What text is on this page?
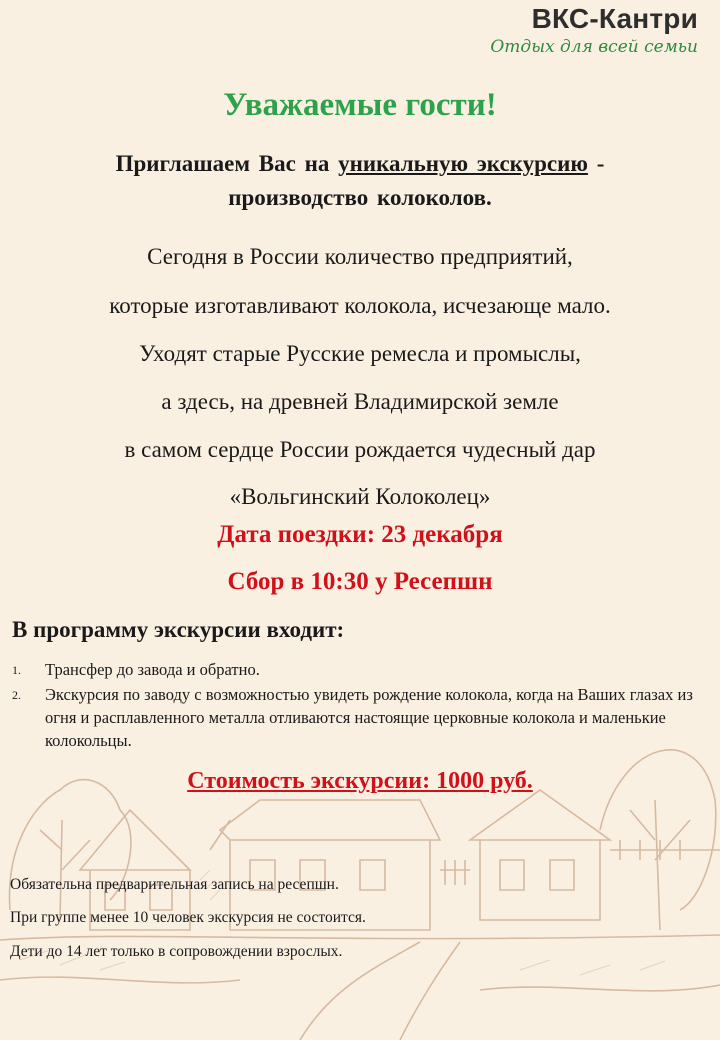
ВКС-Кантри
Отдых для всей семьи
Уважаемые гости!
Приглашаем Вас на уникальную экскурсию -
производство колоколов.
Сегодня в России количество предприятий,
которые изготавливают колокола, исчезающе мало.
Уходят старые Русские ремесла и промыслы,
а здесь, на древней Владимирской земле
в самом сердце России рождается чудесный дар
«Вольгинский Колоколец»
Дата поездки: 23 декабря
Сбор в 10:30 у Ресепшн
В программу экскурсии входит:
1. Трансфер до завода и обратно.
2. Экскурсия по заводу с возможностью увидеть рождение колокола, когда на Ваших глазах из огня и расплавленного металла отливаются настоящие церковные колокола и маленькие колокольцы.
Стоимость экскурсии: 1000 руб.
Обязательна предварительная запись на ресепшн.
При группе менее 10 человек экскурсия не состоится.
Дети до 14 лет только в сопровождении взрослых.
